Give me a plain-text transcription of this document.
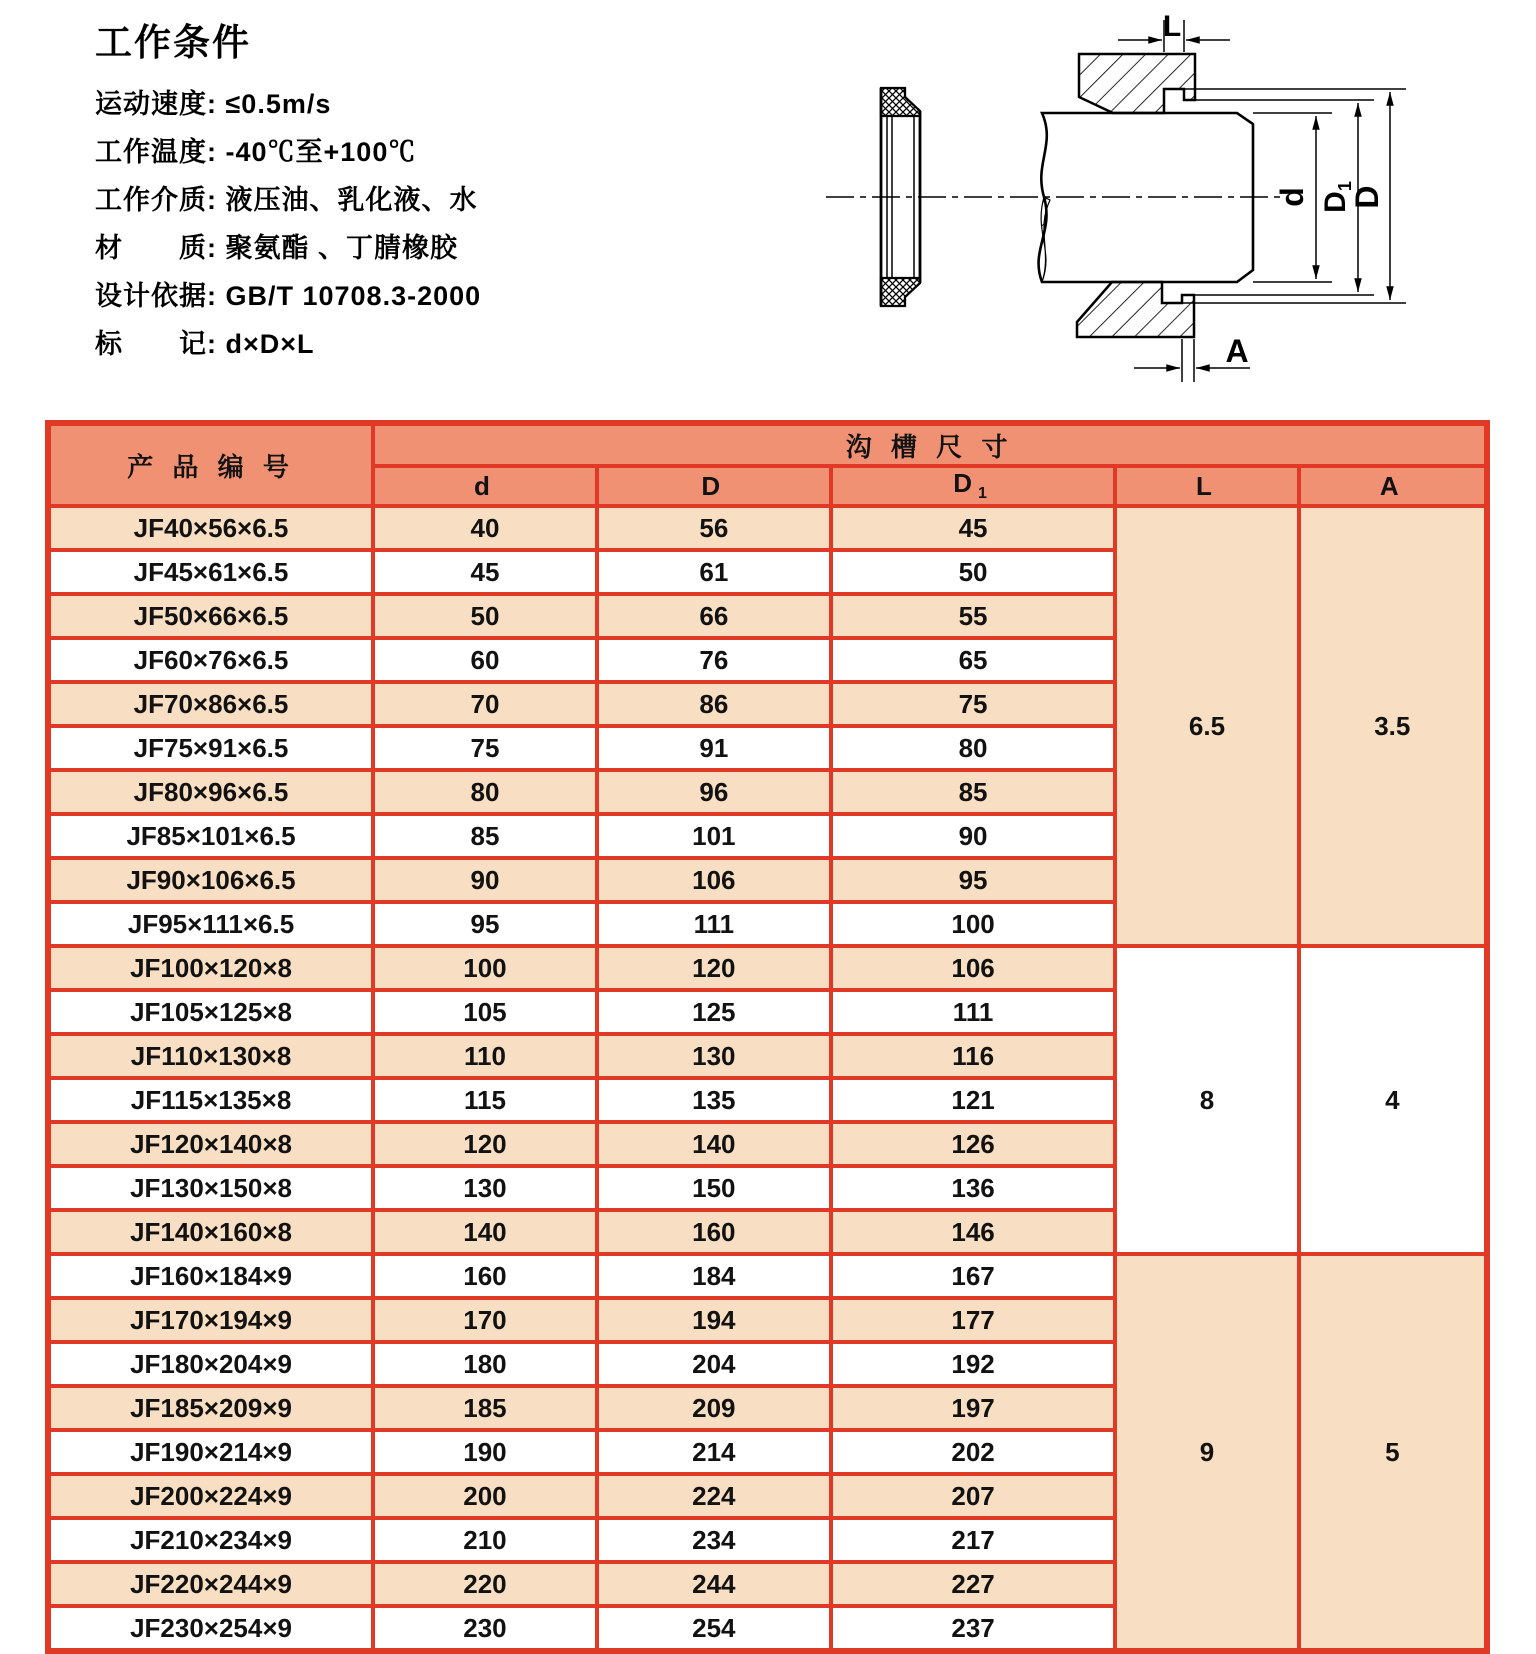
工作条件
运动速度: ≤0.5m/s
工作温度: -40℃至+100℃
工作介质: 液压油、乳化液、水
材　　质: 聚氨酯 、丁腈橡胶
设计依据: GB/T 10708.3-2000
标　　记: d×D×L
L
A
d $D_1$
D
产 品 编 号	沟 槽 尺 寸				
	d	D	$D_1$	L	A
JF40×56×6.5	40	56	45	6.5	3.5
JF45×61×6.5	45	61	50		
JF50×66×6.5	50	66	55		
JF60×76×6.5	60	76	65		
JF70×86×6.5	70	86	75		
JF75×91×6.5	75	91	80		
JF80×96×6.5	80	96	85		
JF85×101×6.5	85	101	90		
JF90×106×6.5	90	106	95		
JF95×111×6.5	95	111	100		
JF100×120×8	100	120	106	8	4
JF105×125×8	105	125	111		
JF110×130×8	110	130	116		
JF115×135×8	115	135	121		
JF120×140×8	120	140	126		
JF130×150×8	130	150	136		
JF140×160×8	140	160	146		
JF160×184×9	160	184	167	9	5
JF170×194×9	170	194	177		
JF180×204×9	180	204	192		
JF185×209×9	185	209	197		
JF190×214×9	190	214	202		
JF200×224×9	200	224	207		
JF210×234×9	210	234	217		
JF220×244×9	220	244	227		
JF230×254×9	230	254	237		
